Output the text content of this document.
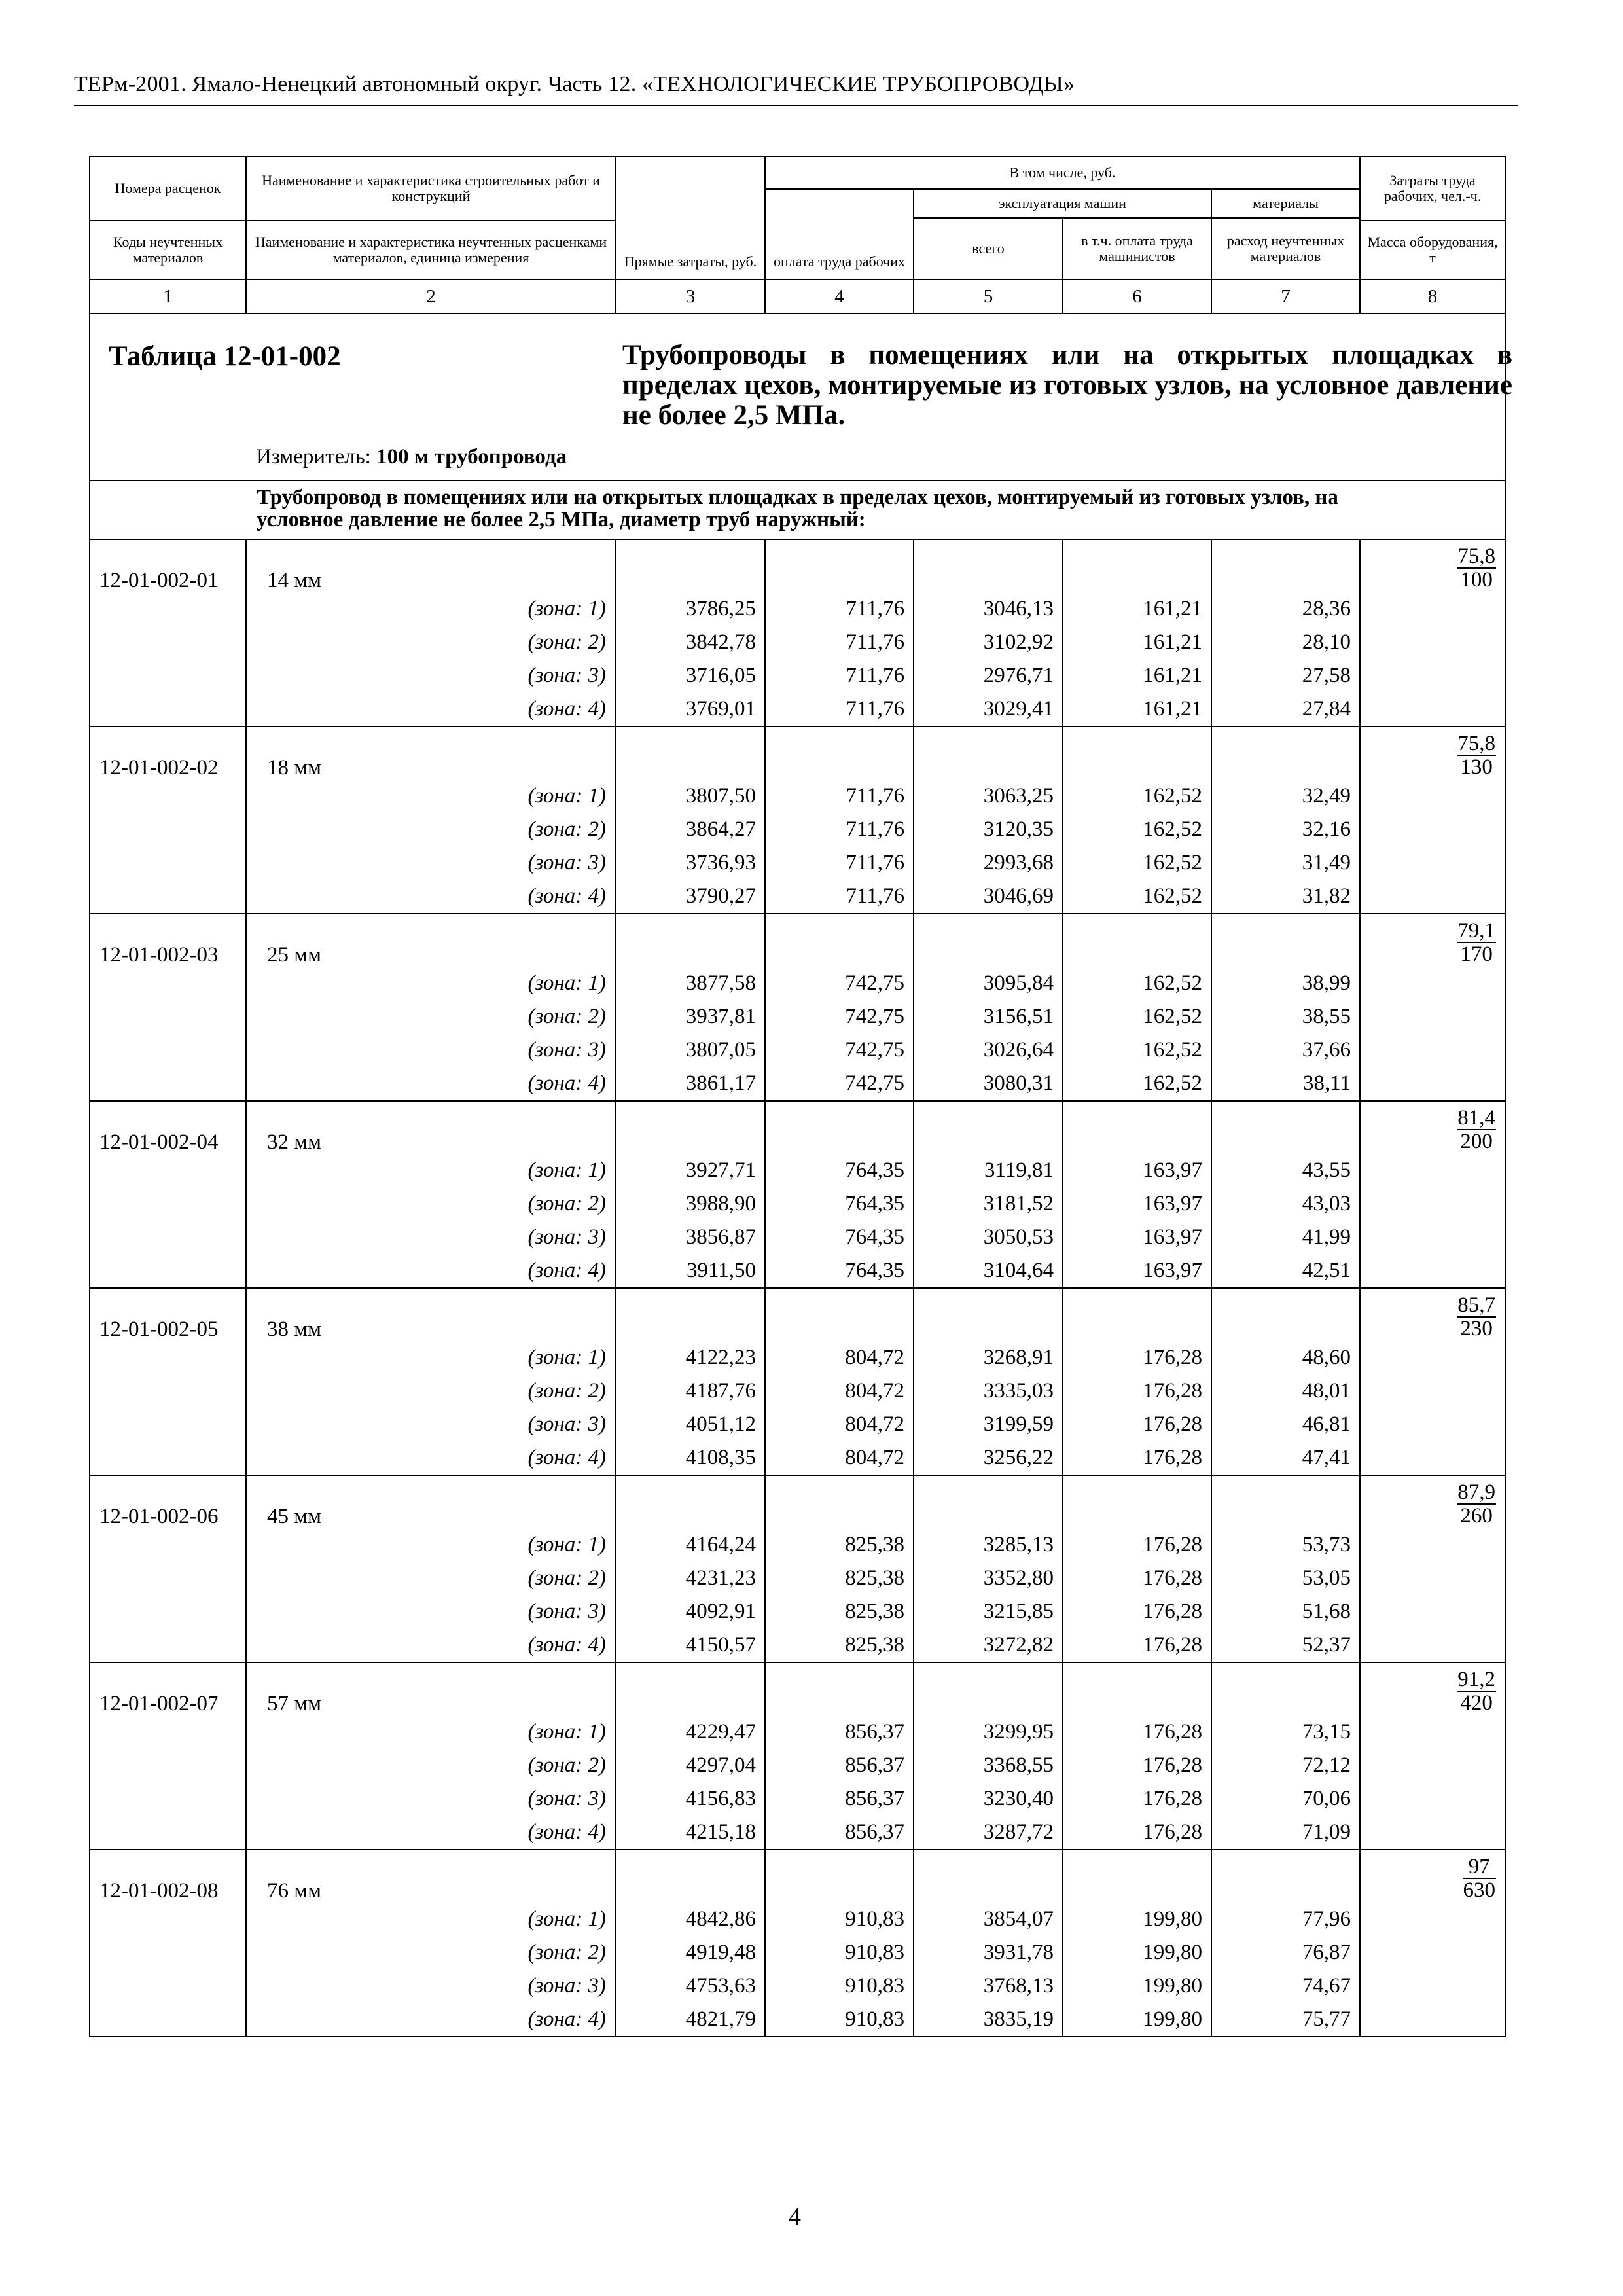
ТЕРм-2001. Ямало-Ненецкий автономный округ. Часть 12. «ТЕХНОЛОГИЧЕСКИЕ ТРУБОПРОВОДЫ»
Номера расценок	Наименование и характеристика строительных работ и конструкций	Прямые затраты, руб.	В том числе, руб.				Затраты труда рабочих, чел.-ч.
			оплата труда рабочих	эксплуатация машин		материалы	
				всего	в т.ч. оплата труда машинистов	расход неучтенных материалов	
Коды неучтенных материалов	Наименование и характеристика неучтенных расценками материалов, единица измерения						Масса оборудования, т
1	2	3	4	5	6	7	8

Таблица 12-01-002 Трубопроводы в помещениях или на открытых площадках в пределах цехов, монтируемые из готовых узлов, на условное давление не более 2,5 МПа.
Измеритель: 100 м трубопровода							

Трубопровод в помещениях или на открытых площадках в пределах цехов, монтируемый из готовых узлов, на условное давление не более 2,5 МПа, диаметр труб наружный:							

12-01-002-01	14 мм						$\frac{75,8}{100}$

	(зона: 1)	3786,25	711,76	3046,13	161,21	28,36	
	(зона: 2)	3842,78	711,76	3102,92	161,21	28,10	
	(зона: 3)	3716,05	711,76	2976,71	161,21	27,58	
	(зона: 4)	3769,01	711,76	3029,41	161,21	27,84	
12-01-002-02	18 мм						$\frac{75,8}{130}$

	(зона: 1)	3807,50	711,76	3063,25	162,52	32,49	
	(зона: 2)	3864,27	711,76	3120,35	162,52	32,16	
	(зона: 3)	3736,93	711,76	2993,68	162,52	31,49	
	(зона: 4)	3790,27	711,76	3046,69	162,52	31,82	
12-01-002-03	25 мм						$\frac{79,1}{170}$

	(зона: 1)	3877,58	742,75	3095,84	162,52	38,99	
	(зона: 2)	3937,81	742,75	3156,51	162,52	38,55	
	(зона: 3)	3807,05	742,75	3026,64	162,52	37,66	
	(зона: 4)	3861,17	742,75	3080,31	162,52	38,11	
12-01-002-04	32 мм						$\frac{81,4}{200}$

	(зона: 1)	3927,71	764,35	3119,81	163,97	43,55	
	(зона: 2)	3988,90	764,35	3181,52	163,97	43,03	
	(зона: 3)	3856,87	764,35	3050,53	163,97	41,99	
	(зона: 4)	3911,50	764,35	3104,64	163,97	42,51	
12-01-002-05	38 мм						$\frac{85,7}{230}$

	(зона: 1)	4122,23	804,72	3268,91	176,28	48,60	
	(зона: 2)	4187,76	804,72	3335,03	176,28	48,01	
	(зона: 3)	4051,12	804,72	3199,59	176,28	46,81	
	(зона: 4)	4108,35	804,72	3256,22	176,28	47,41	
12-01-002-06	45 мм						$\frac{87,9}{260}$

	(зона: 1)	4164,24	825,38	3285,13	176,28	53,73	
	(зона: 2)	4231,23	825,38	3352,80	176,28	53,05	
	(зона: 3)	4092,91	825,38	3215,85	176,28	51,68	
	(зона: 4)	4150,57	825,38	3272,82	176,28	52,37	
12-01-002-07	57 мм						$\frac{91,2}{420}$

	(зона: 1)	4229,47	856,37	3299,95	176,28	73,15	
	(зона: 2)	4297,04	856,37	3368,55	176,28	72,12	
	(зона: 3)	4156,83	856,37	3230,40	176,28	70,06	
	(зона: 4)	4215,18	856,37	3287,72	176,28	71,09	
12-01-002-08	76 мм						$\frac{97}{630}$

	(зона: 1)	4842,86	910,83	3854,07	199,80	77,96	
	(зона: 2)	4919,48	910,83	3931,78	199,80	76,87	
	(зона: 3)	4753,63	910,83	3768,13	199,80	74,67	
	(зона: 4)	4821,79	910,83	3835,19	199,80	75,77	
4
